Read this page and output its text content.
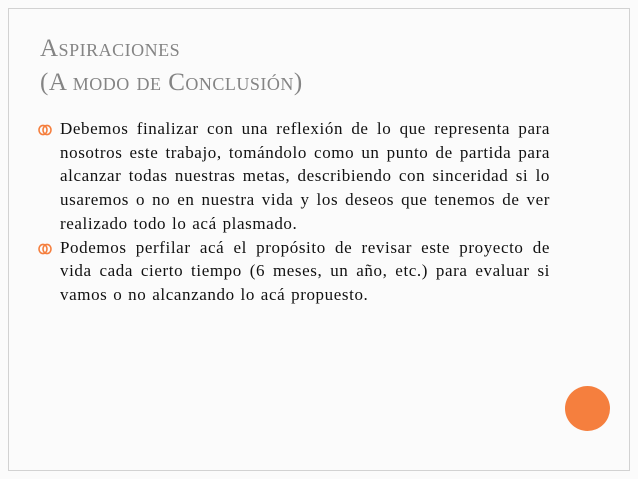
Aspiraciones
(A modo de Conclusión)
Debemos finalizar con una reflexión de lo que representa para nosotros este trabajo, tomándolo como un punto de partida para alcanzar todas nuestras metas, describiendo con sinceridad si lo usaremos o no en nuestra vida y los deseos que tenemos de ver realizado todo lo acá plasmado.
Podemos perfilar acá el propósito de revisar este proyecto de vida cada cierto tiempo (6 meses, un año, etc.) para evaluar si vamos o no alcanzando lo acá propuesto.
